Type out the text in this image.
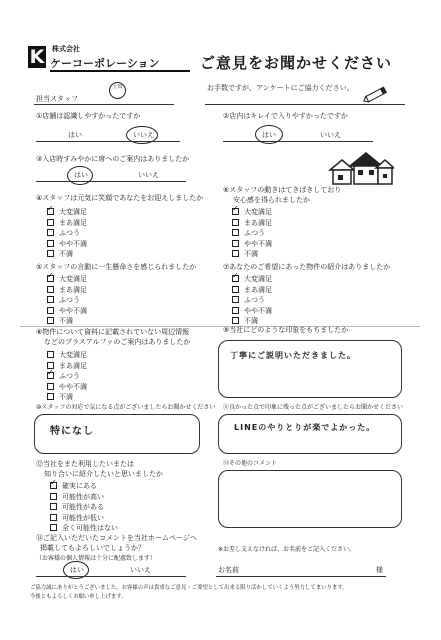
K 株式会社
ケーコーポレーション	ご意見をお聞かせください
担当スタッフ
土田	お手数ですが、アンケートにご協力ください。
①店舗は認識しやすかったですか
はい	いいえ
②店内はキレイで入りやすかったですか
はい	いいえ
③入店時すみやかに席へのご案内はありましたか
はい	いいえ
④スタッフは元気に笑顔であなたをお迎えしましたか
✓大変満足
まあ満足
ふつう
やや不満
不満
⑥スタッフの動きはてきぱきしており
安心感を得られましたか
✓大変満足
まあ満足
ふつう
やや不満
不満
⑤スタッフの言動に一生懸命さを感じられましたか
✓大変満足
まあ満足
ふつう
やや不満
不満
⑦あなたのご希望にあった物件の紹介はありましたか
✓大変満足
まあ満足
ふつう
やや不満
不満
⑧物件について資料に記載されていない周辺情報
などのプラスアルファのご案内はありましたか
大変満足
まあ満足
✓ふつう
やや不満
不満
⑨当社にどのような印象をもちましたか
丁寧にご説明いただきました。
⑩スタッフの対応で気になる点がございましたらお聞かせください
特になし
⑪良かった点で印象に残った点がございましたらお聞かせください
LINEのやりとりが楽でよかった。
⑫当社をまた利用したいまたは
知り合いに紹介したいと思いましたか
✓確実にある
可能性が高い
可能性がある
可能性が低い
全く可能性はない
⑬その他のコメント
⑭ご記入いただいたコメントを当社ホームページへ
掲載してもよろしいでしょうか？
（お客様の個人情報は十分に配慮致します）
はい	いいえ
※お差し支えなければ、お名前をご記入ください。
お名前	様
ご協力誠にありがとうございました。お客様の声は貴重なご意見・ご要望として出来る限り活かしていくよう努力してまいります。
今後ともよろしくお願い申し上げます。
